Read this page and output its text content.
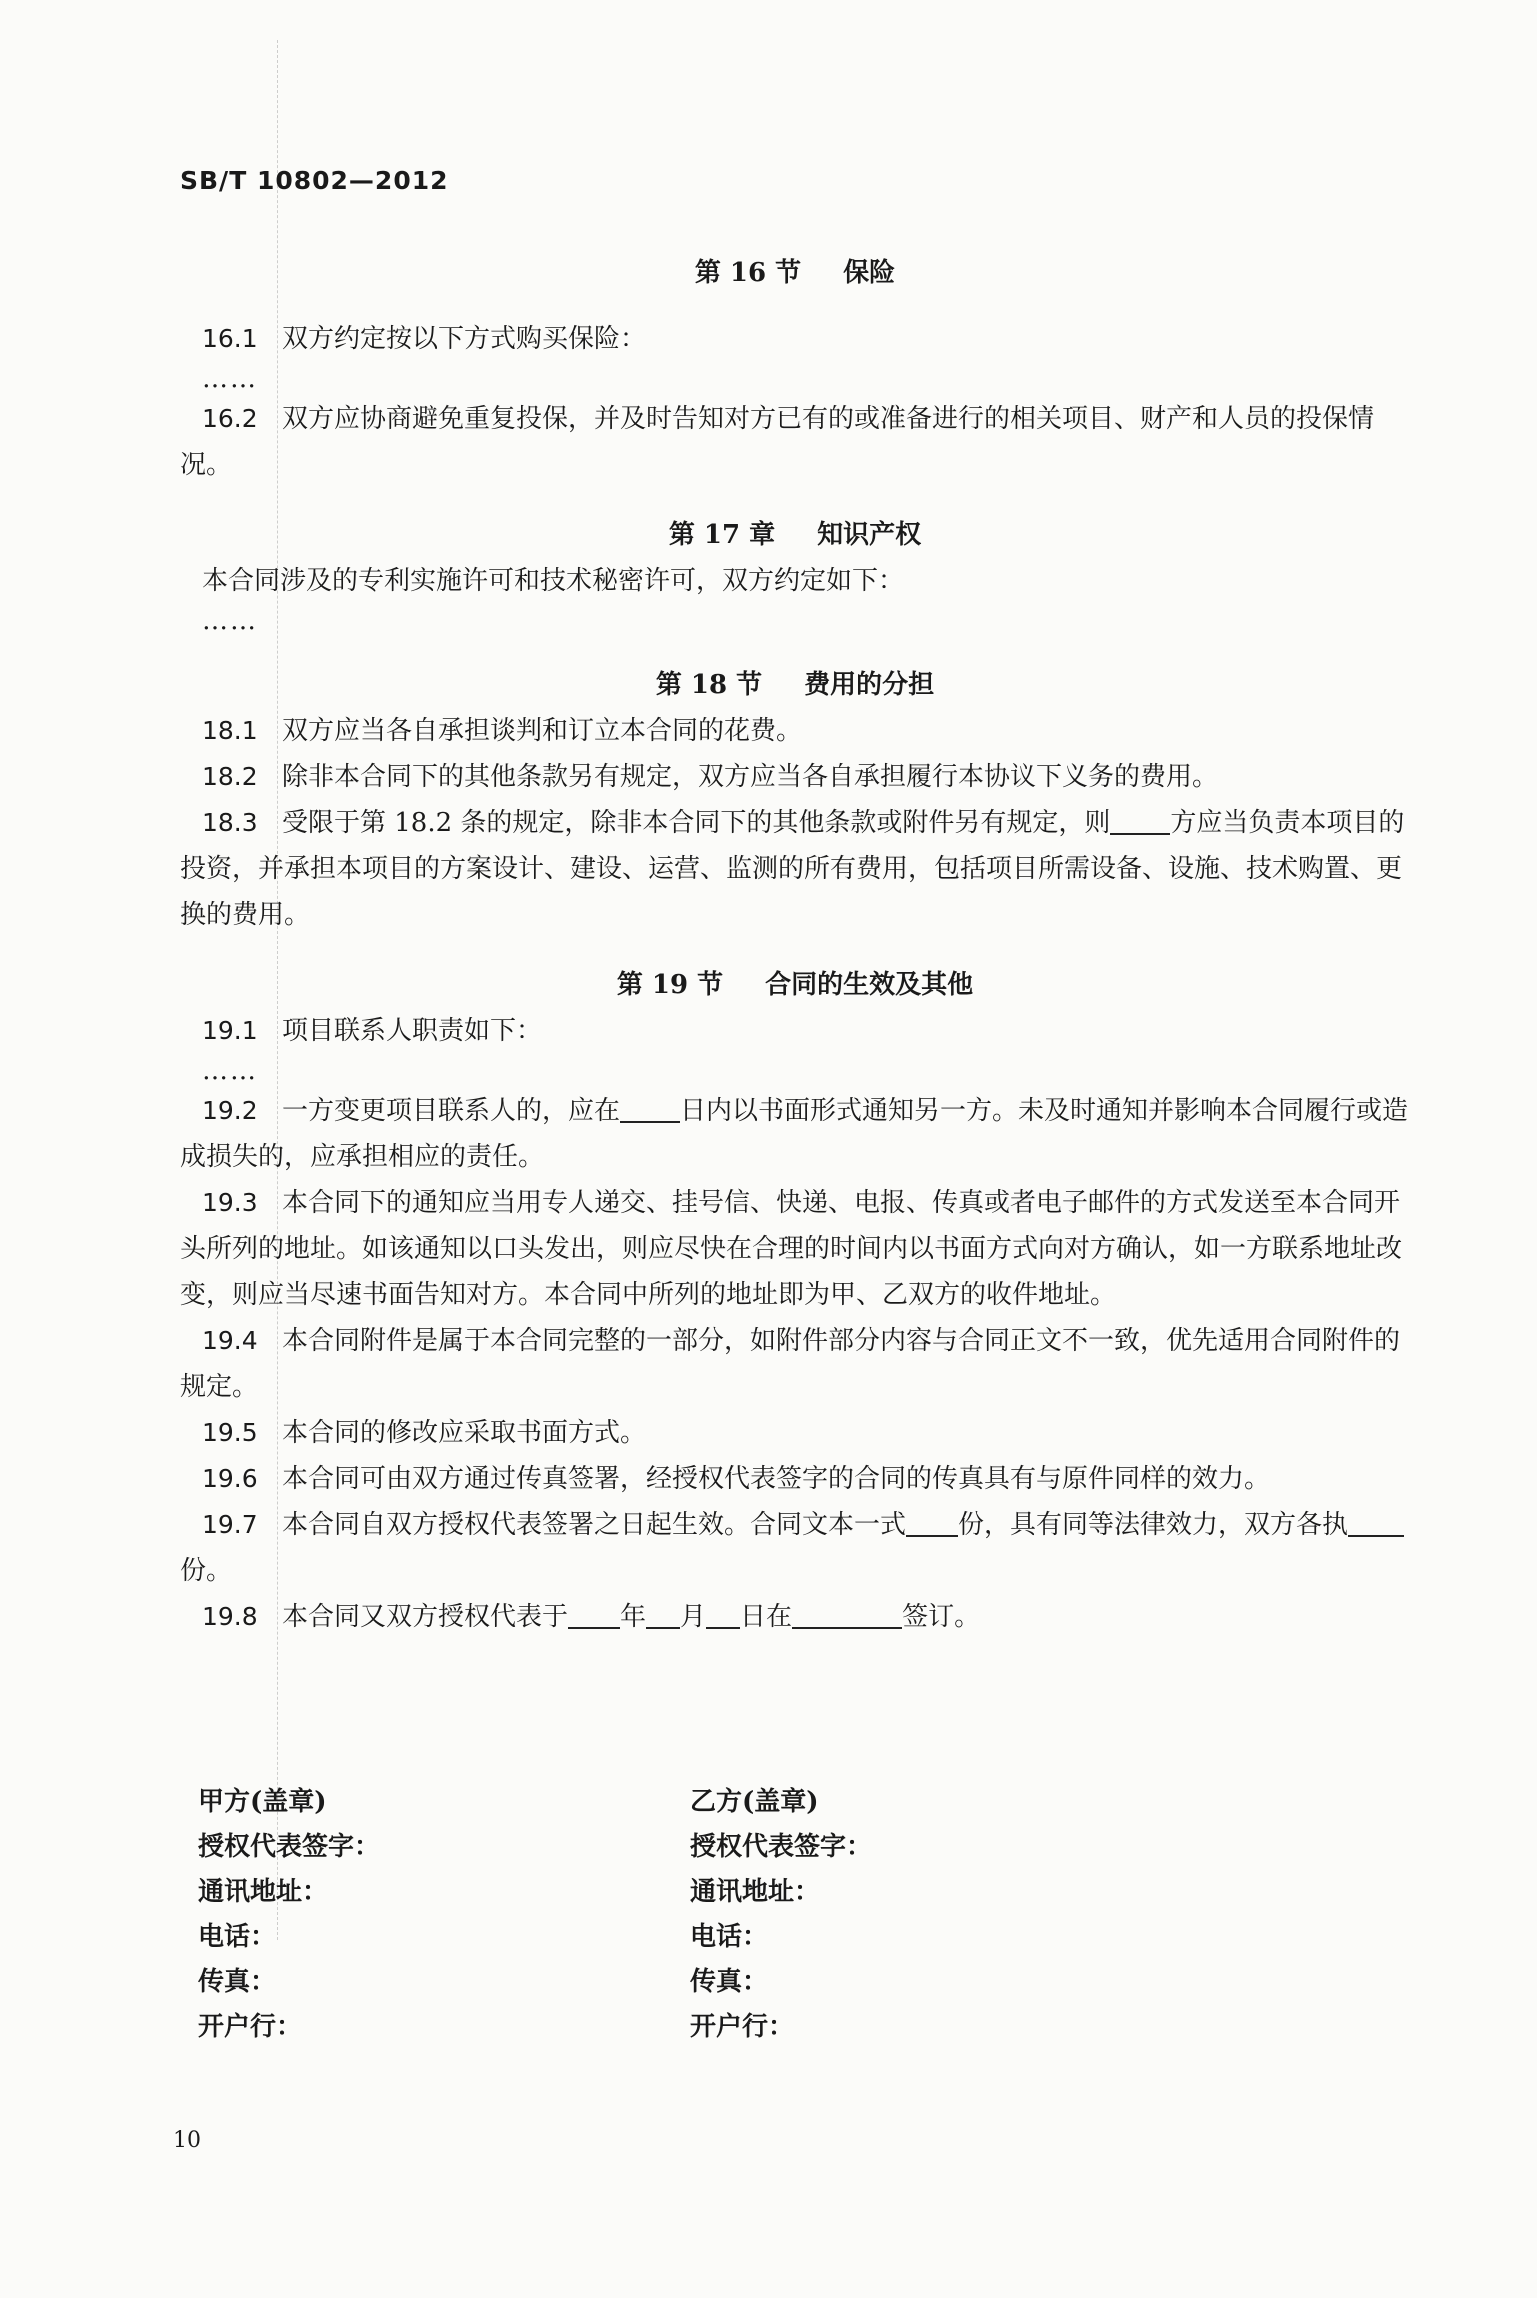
SB/T 10802—2012
第 16 节 保险

16.1 双方约定按以下方式购买保险：

……

16.2 双方应协商避免重复投保，并及时告知对方已有的或准备进行的相关项目、财产和人员的投保情况。

第 17 章 知识产权

本合同涉及的专利实施许可和技术秘密许可，双方约定如下：

……

第 18 节 费用的分担

18.1 双方应当各自承担谈判和订立本合同的花费。

18.2 除非本合同下的其他条款另有规定，双方应当各自承担履行本协议下义务的费用。

18.3 受限于第 18.2 条的规定，除非本合同下的其他条款或附件另有规定，则 方应当负责本项目的投资，并承担本项目的方案设计、建设、运营、监测的所有费用，包括项目所需设备、设施、技术购置、更换的费用。

第 19 节 合同的生效及其他

19.1 项目联系人职责如下：

……

19.2 一方变更项目联系人的，应在 日内以书面形式通知另一方。未及时通知并影响本合同履行或造成损失的，应承担相应的责任。

19.3 本合同下的通知应当用专人递交、挂号信、快递、电报、传真或者电子邮件的方式发送至本合同开头所列的地址。如该通知以口头发出，则应尽快在合理的时间内以书面方式向对方确认，如一方联系地址改变，则应当尽速书面告知对方。本合同中所列的地址即为甲、乙双方的收件地址。

19.4 本合同附件是属于本合同完整的一部分，如附件部分内容与合同正文不一致，优先适用合同附件的规定。

19.5 本合同的修改应采取书面方式。

19.6 本合同可由双方通过传真签署，经授权代表签字的合同的传真具有与原件同样的效力。

19.7 本合同自双方授权代表签署之日起生效。合同文本一式 份，具有同等法律效力，双方各执份。

19.8 本合同又双方授权代表于 年 月 日在	签订。

甲方(盖章)
授权代表签字：
通讯地址：
电话：
传真：
开户行：
乙方(盖章)
授权代表签字：
通讯地址：
电话：
传真：
开户行：
10
